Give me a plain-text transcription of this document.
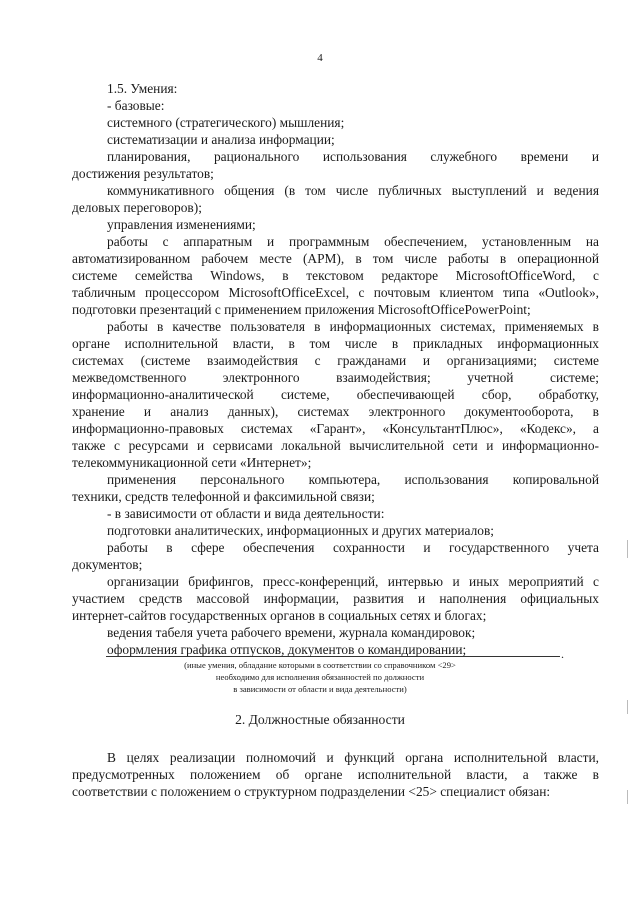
4
1.5. Умения:
- базовые:
системного (стратегического) мышления;
систематизации и анализа информации;
планирования, рационального использования служебного времени и
достижения результатов;
коммуникативного общения (в том числе публичных выступлений и ведения
деловых переговоров);
управления изменениями;
работы с аппаратным и программным обеспечением, установленным на
автоматизированном рабочем месте (АРМ), в том числе работы в операционной
системе семейства Windows, в текстовом редакторе MicrosoftOfficeWord, с
табличным процессором MicrosoftOfficeExcel, с почтовым клиентом типа «Outlook»,
подготовки презентаций с применением приложения MicrosoftOfficePowerPoint;
работы в качестве пользователя в информационных системах, применяемых в
органе исполнительной власти, в том числе в прикладных информационных
системах (системе взаимодействия с гражданами и организациями; системе
межведомственного электронного взаимодействия; учетной системе;
информационно-аналитической системе, обеспечивающей сбор, обработку,
хранение и анализ данных), системах электронного документооборота, в
информационно-правовых системах «Гарант», «КонсультантПлюс», «Кодекс», а
также с ресурсами и сервисами локальной вычислительной сети и информационно-
телекоммуникационной сети «Интернет»;
применения персонального компьютера, использования копировальной
техники, средств телефонной и факсимильной связи;
- в зависимости от области и вида деятельности:
подготовки аналитических, информационных и других материалов;
работы в сфере обеспечения сохранности и государственного учета
документов;
организации брифингов, пресс-конференций, интервью и иных мероприятий с
участием средств массовой информации, развития и наполнения официальных
интернет-сайтов государственных органов в социальных сетях и блогах;
ведения табеля учета рабочего времени, журнала командировок;
оформления графика отпусков, документов о командировании;	.
(иные умения, обладание которыми в соответствии со справочником <29>
необходимо для исполнения обязанностей по должности
в зависимости от области и вида деятельности)
2. Должностные обязанности
В целях реализации полномочий и функций органа исполнительной власти,
предусмотренных положением об органе исполнительной власти, а также в
соответствии с положением о структурном подразделении <25> специалист обязан:
